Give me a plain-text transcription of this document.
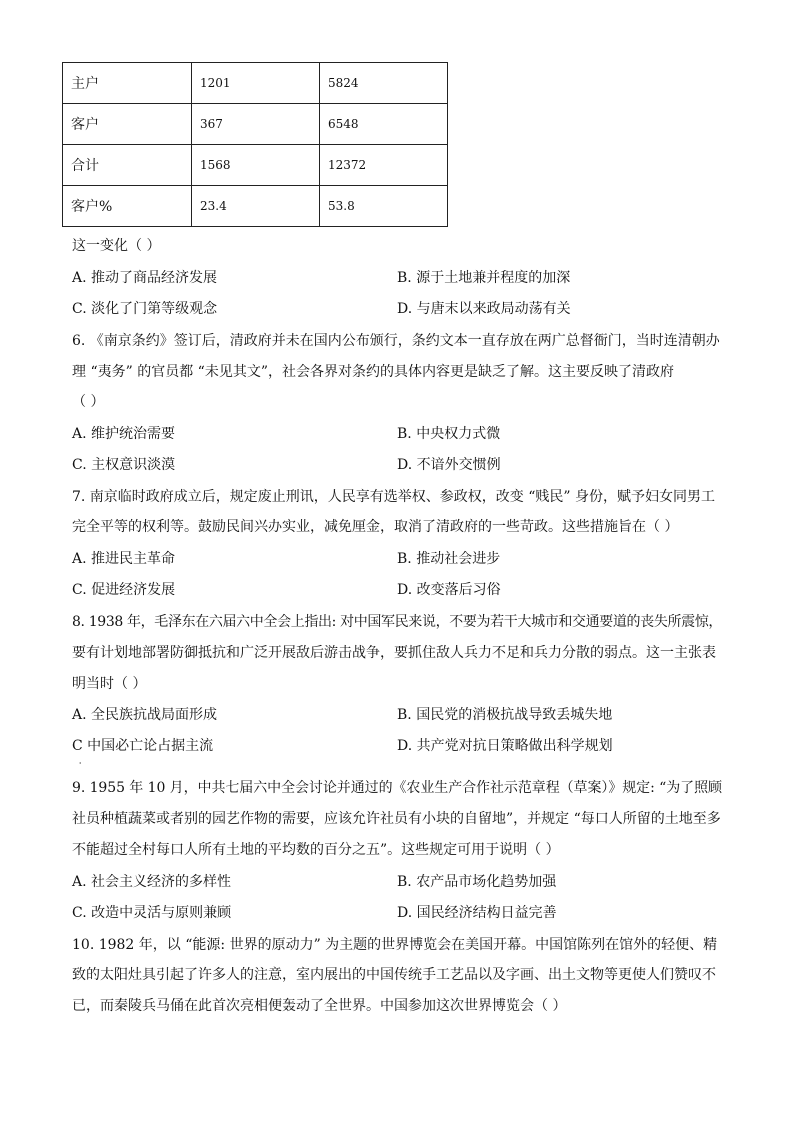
主户	1201	5824
客户	367	6548
合计	1568	12372
客户%	23.4	53.8
这一变化（ ）
A. 推动了商品经济发展	B. 源于土地兼并程度的加深
C. 淡化了门第等级观念	D. 与唐末以来政局动荡有关
6. 《南京条约》签订后，清政府并未在国内公布颁行，条约文本一直存放在两广总督衙门，当时连清朝办
理 “夷务” 的官员都 “未见其文”，社会各界对条约的具体内容更是缺乏了解。这主要反映了清政府
（ ）
A. 维护统治需要	B. 中央权力式微
C. 主权意识淡漠	D. 不谙外交惯例
7. 南京临时政府成立后，规定废止刑讯，人民享有选举权、参政权，改变 “贱民” 身份，赋予妇女同男工
完全平等的权利等。鼓励民间兴办实业，减免厘金，取消了清政府的一些苛政。这些措施旨在（ ）
A. 推进民主革命	B. 推动社会进步
C. 促进经济发展	D. 改变落后习俗
8. 1938 年，毛泽东在六届六中全会上指出: 对中国军民来说，不要为若干大城市和交通要道的丧失所震惊，
要有计划地部署防御抵抗和广泛开展敌后游击战争，要抓住敌人兵力不足和兵力分散的弱点。这一主张表
明当时（ ）
A. 全民族抗战局面形成	B. 国民党的消极抗战导致丢城失地
C 中国必亡论占据主流	D. 共产党对抗日策略做出科学规划
ˌ
9. 1955 年 10 月，中共七届六中全会讨论并通过的《农业生产合作社示范章程（草案）》规定: “为了照顾
社员种植蔬菜或者别的园艺作物的需要，应该允许社员有小块的自留地”，并规定 “每口人所留的土地至多
不能超过全村每口人所有土地的平均数的百分之五”。这些规定可用于说明（ ）
A. 社会主义经济的多样性	B. 农产品市场化趋势加强
C. 改造中灵活与原则兼顾	D. 国民经济结构日益完善
10. 1982 年，以 “能源: 世界的原动力” 为主题的世界博览会在美国开幕。中国馆陈列在馆外的轻便、精
致的太阳灶具引起了许多人的注意，室内展出的中国传统手工艺品以及字画、出土文物等更使人们赞叹不
已，而秦陵兵马俑在此首次亮相便轰动了全世界。中国参加这次世界博览会（ ）
